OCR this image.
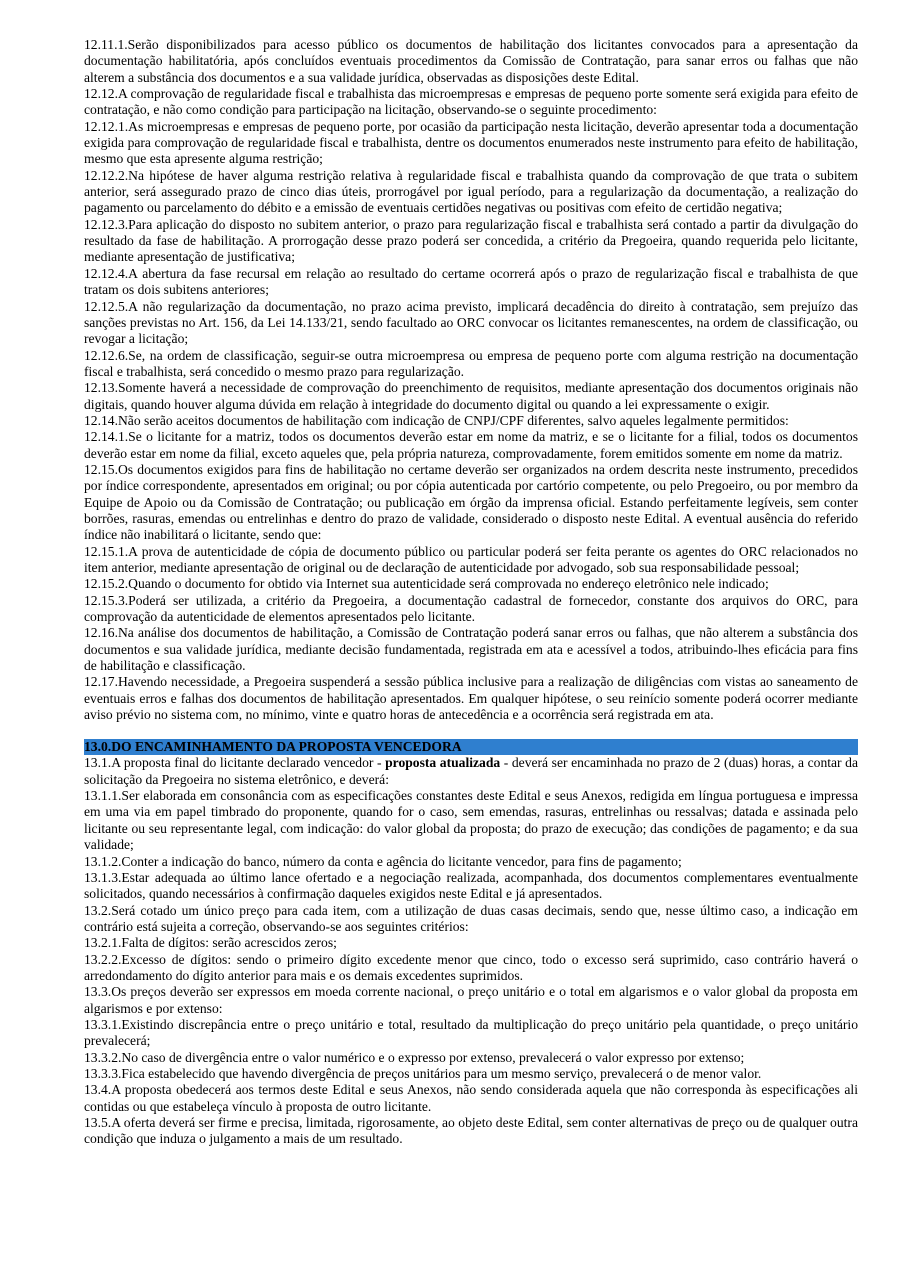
12.11.1.Serão disponibilizados para acesso público os documentos de habilitação dos licitantes convocados para a apresentação da documentação habilitatória, após concluídos eventuais procedimentos da Comissão de Contratação, para sanar erros ou falhas que não alterem a substância dos documentos e a sua validade jurídica, observadas as disposições deste Edital.

12.12.A comprovação de regularidade fiscal e trabalhista das microempresas e empresas de pequeno porte somente será exigida para efeito de contratação, e não como condição para participação na licitação, observando-se o seguinte procedimento:

12.12.1.As microempresas e empresas de pequeno porte, por ocasião da participação nesta licitação, deverão apresentar toda a documentação exigida para comprovação de regularidade fiscal e trabalhista, dentre os documentos enumerados neste instrumento para efeito de habilitação, mesmo que esta apresente alguma restrição;

12.12.2.Na hipótese de haver alguma restrição relativa à regularidade fiscal e trabalhista quando da comprovação de que trata o subitem anterior, será assegurado prazo de cinco dias úteis, prorrogável por igual período, para a regularização da documentação, a realização do pagamento ou parcelamento do débito e a emissão de eventuais certidões negativas ou positivas com efeito de certidão negativa;

12.12.3.Para aplicação do disposto no subitem anterior, o prazo para regularização fiscal e trabalhista será contado a partir da divulgação do resultado da fase de habilitação. A prorrogação desse prazo poderá ser concedida, a critério da Pregoeira, quando requerida pelo licitante, mediante apresentação de justificativa;

12.12.4.A abertura da fase recursal em relação ao resultado do certame ocorrerá após o prazo de regularização fiscal e trabalhista de que tratam os dois subitens anteriores;

12.12.5.A não regularização da documentação, no prazo acima previsto, implicará decadência do direito à contratação, sem prejuízo das sanções previstas no Art. 156, da Lei 14.133/21, sendo facultado ao ORC convocar os licitantes remanescentes, na ordem de classificação, ou revogar a licitação;

12.12.6.Se, na ordem de classificação, seguir-se outra microempresa ou empresa de pequeno porte com alguma restrição na documentação fiscal e trabalhista, será concedido o mesmo prazo para regularização.

12.13.Somente haverá a necessidade de comprovação do preenchimento de requisitos, mediante apresentação dos documentos originais não digitais, quando houver alguma dúvida em relação à integridade do documento digital ou quando a lei expressamente o exigir.

12.14.Não serão aceitos documentos de habilitação com indicação de CNPJ/CPF diferentes, salvo aqueles legalmente permitidos:

12.14.1.Se o licitante for a matriz, todos os documentos deverão estar em nome da matriz, e se o licitante for a filial, todos os documentos deverão estar em nome da filial, exceto aqueles que, pela própria natureza, comprovadamente, forem emitidos somente em nome da matriz.

12.15.Os documentos exigidos para fins de habilitação no certame deverão ser organizados na ordem descrita neste instrumento, precedidos por índice correspondente, apresentados em original; ou por cópia autenticada por cartório competente, ou pelo Pregoeiro, ou por membro da Equipe de Apoio ou da Comissão de Contratação; ou publicação em órgão da imprensa oficial. Estando perfeitamente legíveis, sem conter borrões, rasuras, emendas ou entrelinhas e dentro do prazo de validade, considerado o disposto neste Edital. A eventual ausência do referido índice não inabilitará o licitante, sendo que:

12.15.1.A prova de autenticidade de cópia de documento público ou particular poderá ser feita perante os agentes do ORC relacionados no item anterior, mediante apresentação de original ou de declaração de autenticidade por advogado, sob sua responsabilidade pessoal;

12.15.2.Quando o documento for obtido via Internet sua autenticidade será comprovada no endereço eletrônico nele indicado;

12.15.3.Poderá ser utilizada, a critério da Pregoeira, a documentação cadastral de fornecedor, constante dos arquivos do ORC, para comprovação da autenticidade de elementos apresentados pelo licitante.

12.16.Na análise dos documentos de habilitação, a Comissão de Contratação poderá sanar erros ou falhas, que não alterem a substância dos documentos e sua validade jurídica, mediante decisão fundamentada, registrada em ata e acessível a todos, atribuindo-lhes eficácia para fins de habilitação e classificação.

12.17.Havendo necessidade, a Pregoeira suspenderá a sessão pública inclusive para a realização de diligências com vistas ao saneamento de eventuais erros e falhas dos documentos de habilitação apresentados. Em qualquer hipótese, o seu reinício somente poderá ocorrer mediante aviso prévio no sistema com, no mínimo, vinte e quatro horas de antecedência e a ocorrência será registrada em ata.

13.0.DO ENCAMINHAMENTO DA PROPOSTA VENCEDORA

13.1.A proposta final do licitante declarado vencedor - proposta atualizada - deverá ser encaminhada no prazo de 2 (duas) horas, a contar da solicitação da Pregoeira no sistema eletrônico, e deverá:

13.1.1.Ser elaborada em consonância com as especificações constantes deste Edital e seus Anexos, redigida em língua portuguesa e impressa em uma via em papel timbrado do proponente, quando for o caso, sem emendas, rasuras, entrelinhas ou ressalvas; datada e assinada pelo licitante ou seu representante legal, com indicação: do valor global da proposta; do prazo de execução; das condições de pagamento; e da sua validade;

13.1.2.Conter a indicação do banco, número da conta e agência do licitante vencedor, para fins de pagamento;

13.1.3.Estar adequada ao último lance ofertado e a negociação realizada, acompanhada, dos documentos complementares eventualmente solicitados, quando necessários à confirmação daqueles exigidos neste Edital e já apresentados.

13.2.Será cotado um único preço para cada item, com a utilização de duas casas decimais, sendo que, nesse último caso, a indicação em contrário está sujeita a correção, observando-se aos seguintes critérios:

13.2.1.Falta de dígitos: serão acrescidos zeros;

13.2.2.Excesso de dígitos: sendo o primeiro dígito excedente menor que cinco, todo o excesso será suprimido, caso contrário haverá o arredondamento do dígito anterior para mais e os demais excedentes suprimidos.

13.3.Os preços deverão ser expressos em moeda corrente nacional, o preço unitário e o total em algarismos e o valor global da proposta em algarismos e por extenso:

13.3.1.Existindo discrepância entre o preço unitário e total, resultado da multiplicação do preço unitário pela quantidade, o preço unitário prevalecerá;

13.3.2.No caso de divergência entre o valor numérico e o expresso por extenso, prevalecerá o valor expresso por extenso;

13.3.3.Fica estabelecido que havendo divergência de preços unitários para um mesmo serviço, prevalecerá o de menor valor.

13.4.A proposta obedecerá aos termos deste Edital e seus Anexos, não sendo considerada aquela que não corresponda às especificações ali contidas ou que estabeleça vínculo à proposta de outro licitante.

13.5.A oferta deverá ser firme e precisa, limitada, rigorosamente, ao objeto deste Edital, sem conter alternativas de preço ou de qualquer outra condição que induza o julgamento a mais de um resultado.
